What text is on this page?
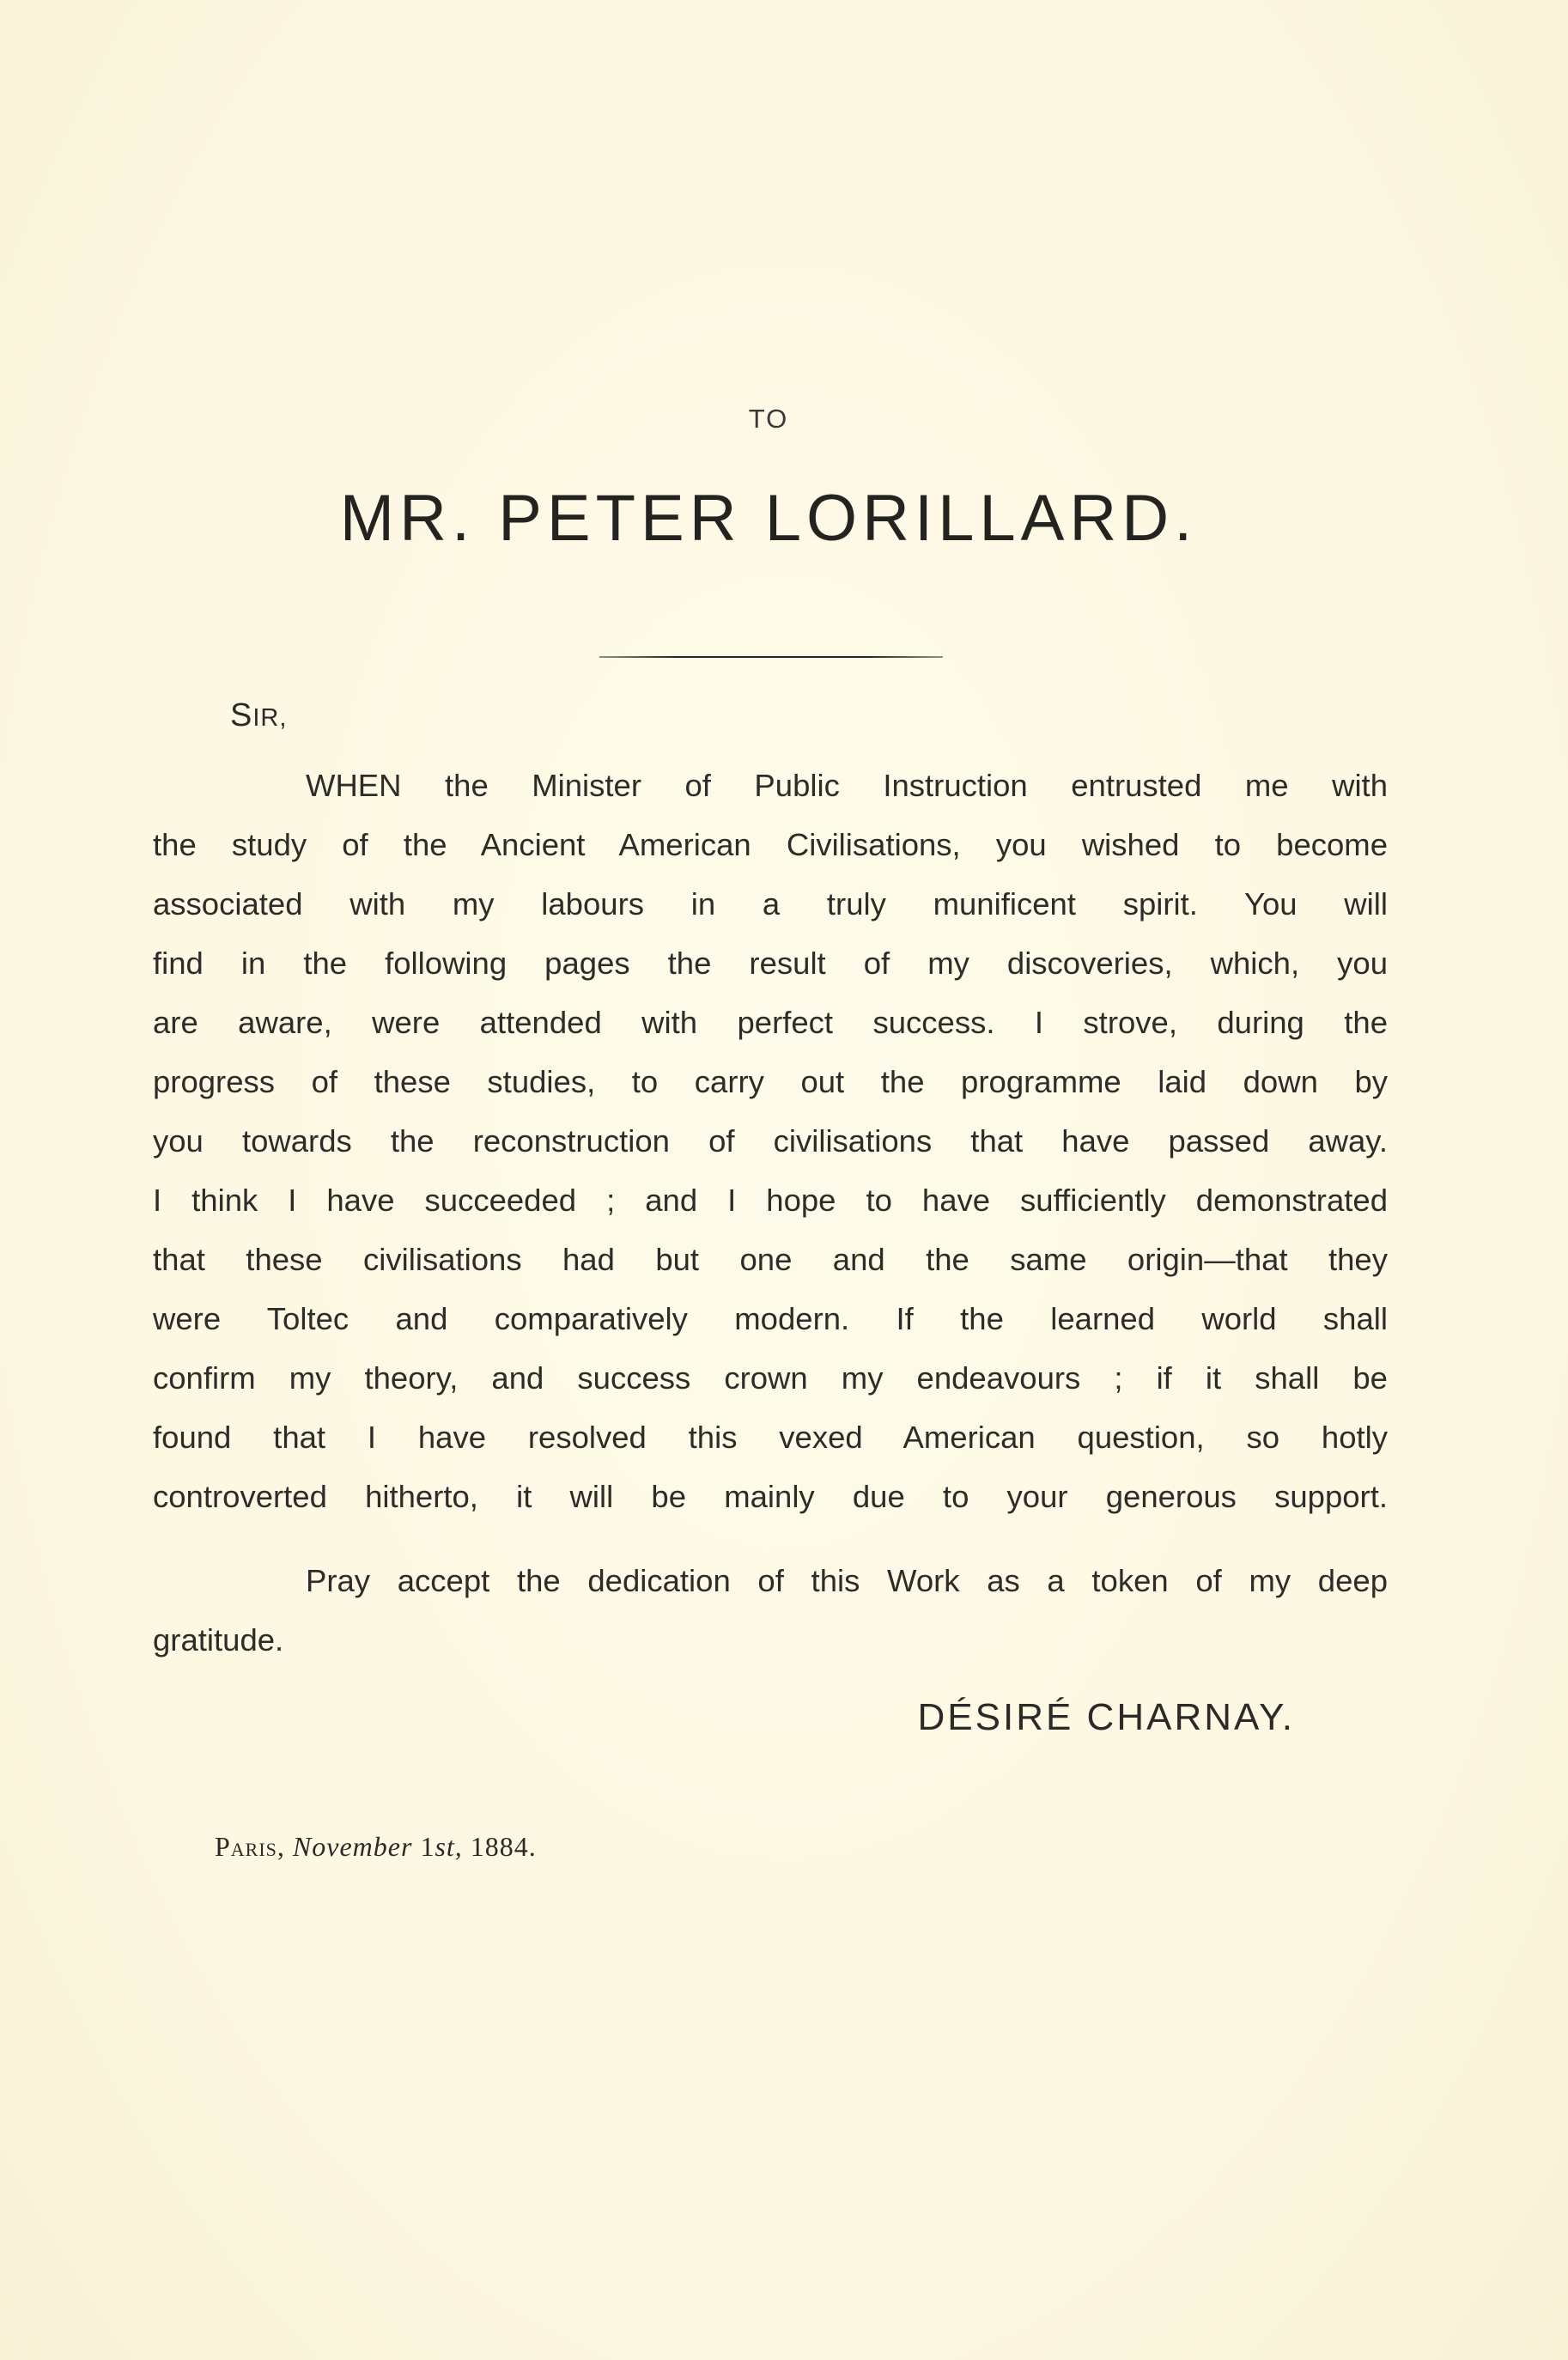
TO
MR. PETER LORILLARD.
SIR,
WHEN the Minister of Public Instruction entrusted me with
the study of the Ancient American Civilisations, you wished to become
associated with my labours in a truly munificent spirit. You will
find in the following pages the result of my discoveries, which, you
are aware, were attended with perfect success. I strove, during the
progress of these studies, to carry out the programme laid down by
you towards the reconstruction of civilisations that have passed away.
I think I have succeeded ; and I hope to have sufficiently demonstrated
that these civilisations had but one and the same origin—that they
were Toltec and comparatively modern. If the learned world shall
confirm my theory, and success crown my endeavours ; if it shall be
found that I have resolved this vexed American question, so hotly
controverted hitherto, it will be mainly due to your generous support.
Pray accept the dedication of this Work as a token of my deep
gratitude.
DÉSIRÉ CHARNAY.
Paris, November 1st, 1884.
